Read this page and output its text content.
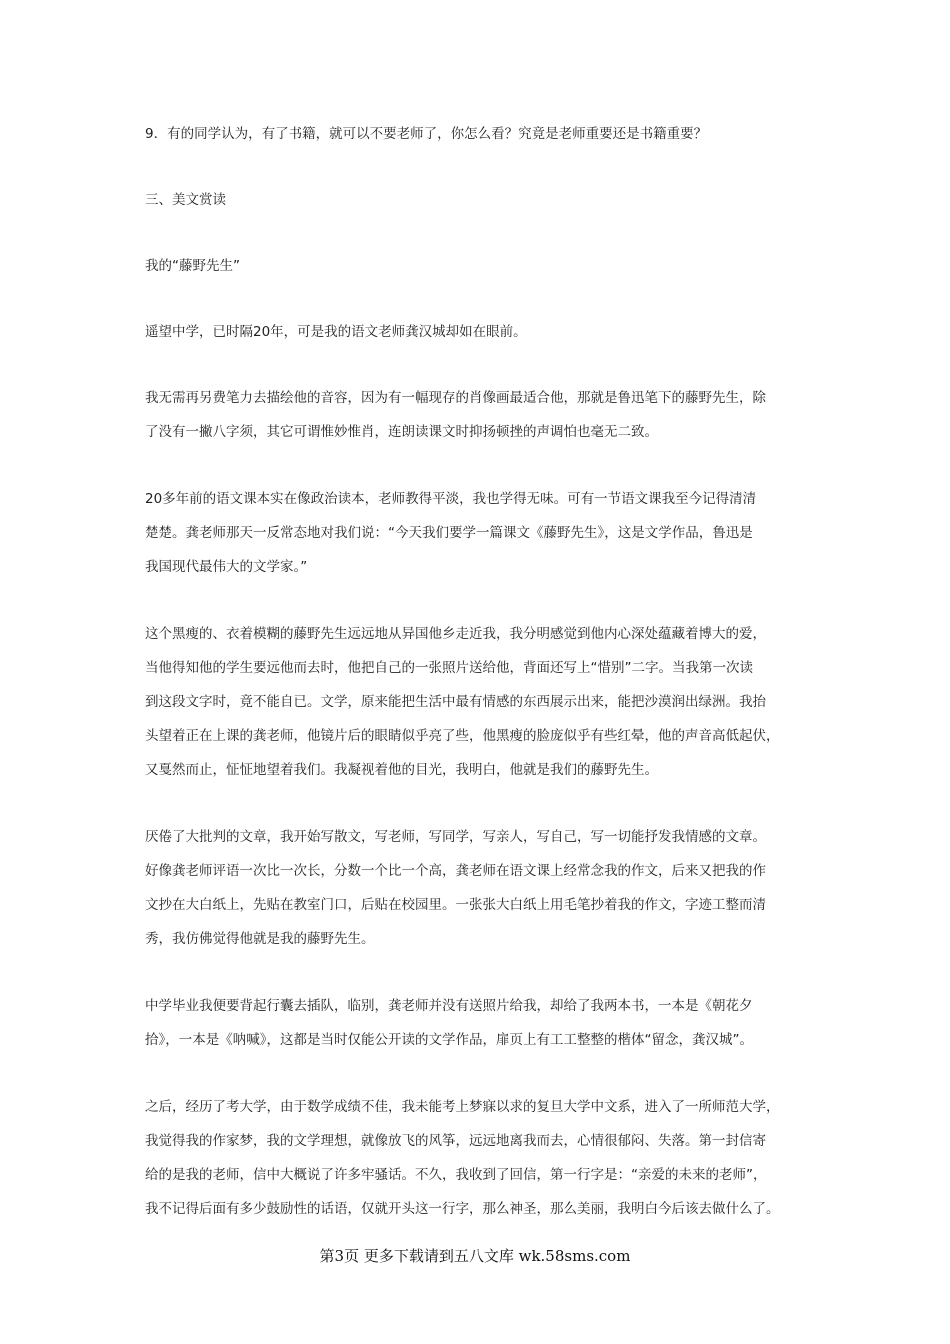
9．有的同学认为，有了书籍，就可以不要老师了，你怎么看？究竟是老师重要还是书籍重要？

三、美文赏读

我的“藤野先生”

遥望中学，已时隔20年，可是我的语文老师龚汉城却如在眼前。

我无需再另费笔力去描绘他的音容，因为有一幅现存的肖像画最适合他，那就是鲁迅笔下的藤野先生，除

了没有一撇八字须，其它可谓惟妙惟肖，连朗读课文时抑扬顿挫的声调怕也毫无二致。

20多年前的语文课本实在像政治读本，老师教得平淡，我也学得无味。可有一节语文课我至今记得清清

楚楚。龚老师那天一反常态地对我们说：“今天我们要学一篇课文《藤野先生》，这是文学作品，鲁迅是

我国现代最伟大的文学家。”

这个黑瘦的、衣着模糊的藤野先生远远地从异国他乡走近我，我分明感觉到他内心深处蕴藏着博大的爱，

当他得知他的学生要远他而去时，他把自己的一张照片送给他，背面还写上“惜别”二字。当我第一次读

到这段文字时，竟不能自已。文学，原来能把生活中最有情感的东西展示出来，能把沙漠润出绿洲。我抬

头望着正在上课的龚老师，他镜片后的眼睛似乎亮了些，他黑瘦的脸庞似乎有些红晕，他的声音高低起伏，

又戛然而止，怔怔地望着我们。我凝视着他的目光，我明白，他就是我们的藤野先生。

厌倦了大批判的文章，我开始写散文，写老师，写同学，写亲人，写自己，写一切能抒发我情感的文章。

好像龚老师评语一次比一次长，分数一个比一个高，龚老师在语文课上经常念我的作文，后来又把我的作

文抄在大白纸上，先贴在教室门口，后贴在校园里。一张张大白纸上用毛笔抄着我的作文，字迹工整而清

秀，我仿佛觉得他就是我的藤野先生。

中学毕业我便要背起行囊去插队，临别，龚老师并没有送照片给我，却给了我两本书，一本是《朝花夕

拾》，一本是《呐喊》，这都是当时仅能公开读的文学作品，扉页上有工工整整的楷体“留念，龚汉城”。

之后，经历了考大学，由于数学成绩不佳，我未能考上梦寐以求的复旦大学中文系，进入了一所师范大学，

我觉得我的作家梦，我的文学理想，就像放飞的风筝，远远地离我而去，心情很郁闷、失落。第一封信寄

给的是我的老师，信中大概说了许多牢骚话。不久，我收到了回信，第一行字是：“亲爱的未来的老师”，

我不记得后面有多少鼓励性的话语，仅就开头这一行字，那么神圣，那么美丽，我明白今后该去做什么了。

第3页 更多下载请到五八文库 wk.58sms.com
